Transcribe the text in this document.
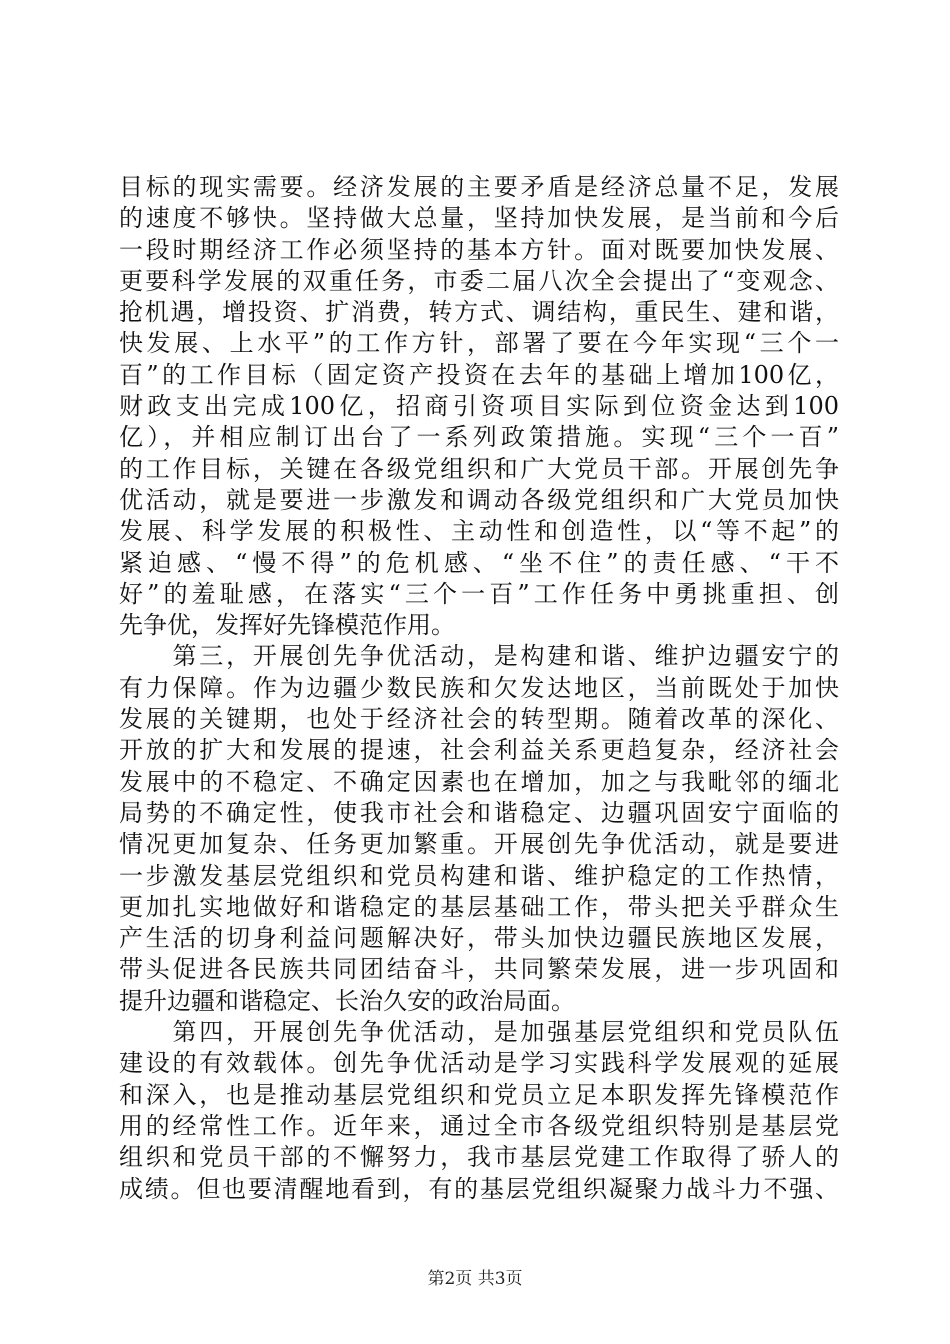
目标的现实需要。经济发展的主要矛盾是经济总量不足，发展
的速度不够快。坚持做大总量，坚持加快发展，是当前和今后
一段时期经济工作必须坚持的基本方针。面对既要加快发展、
更要科学发展的双重任务，市委二届八次全会提出了“变观念、
抢机遇，增投资、扩消费，转方式、调结构，重民生、建和谐，
快发展、上水平”的工作方针，部署了要在今年实现“三个一
百”的工作目标（固定资产投资在去年的基础上增加100亿，
财政支出完成100亿，招商引资项目实际到位资金达到100
亿），并相应制订出台了一系列政策措施。实现“三个一百”
的工作目标，关键在各级党组织和广大党员干部。开展创先争
优活动，就是要进一步激发和调动各级党组织和广大党员加快
发展、科学发展的积极性、主动性和创造性，以“等不起”的
紧迫感、“慢不得”的危机感、“坐不住”的责任感、“干不
好”的羞耻感，在落实“三个一百”工作任务中勇挑重担、创
先争优，发挥好先锋模范作用。
　　第三，开展创先争优活动，是构建和谐、维护边疆安宁的
有力保障。作为边疆少数民族和欠发达地区，当前既处于加快
发展的关键期，也处于经济社会的转型期。随着改革的深化、
开放的扩大和发展的提速，社会利益关系更趋复杂，经济社会
发展中的不稳定、不确定因素也在增加，加之与我毗邻的缅北
局势的不确定性，使我市社会和谐稳定、边疆巩固安宁面临的
情况更加复杂、任务更加繁重。开展创先争优活动，就是要进
一步激发基层党组织和党员构建和谐、维护稳定的工作热情，
更加扎实地做好和谐稳定的基层基础工作，带头把关乎群众生
产生活的切身利益问题解决好，带头加快边疆民族地区发展，
带头促进各民族共同团结奋斗，共同繁荣发展，进一步巩固和
提升边疆和谐稳定、长治久安的政治局面。
　　第四，开展创先争优活动，是加强基层党组织和党员队伍
建设的有效载体。创先争优活动是学习实践科学发展观的延展
和深入，也是推动基层党组织和党员立足本职发挥先锋模范作
用的经常性工作。近年来，通过全市各级党组织特别是基层党
组织和党员干部的不懈努力，我市基层党建工作取得了骄人的
成绩。但也要清醒地看到，有的基层党组织凝聚力战斗力不强、
第2页 共3页
